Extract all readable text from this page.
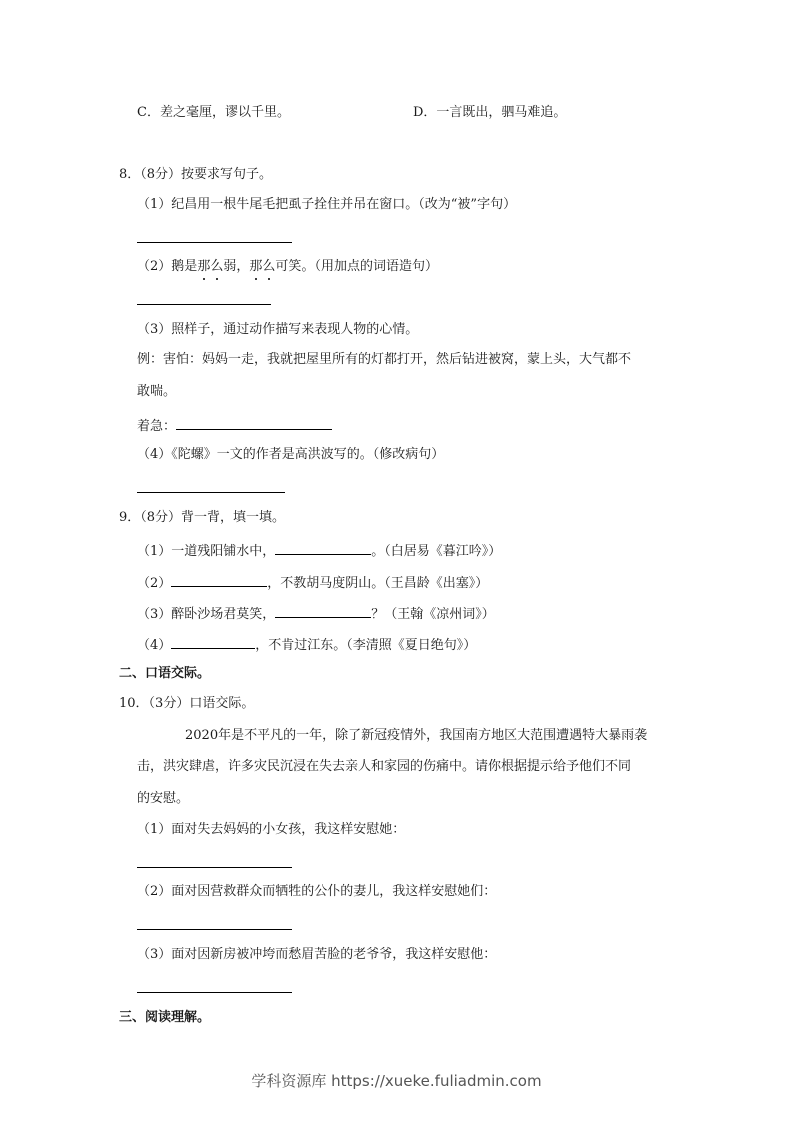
C．差之毫厘，谬以千里。	D．一言既出，驷马难追。
8．（8分）按要求写句子。
（1）纪昌用一根牛尾毛把虱子拴住并吊在窗口。（改为“被”字句）
（2）鹅是那么弱，那么可笑。（用加点的词语造句）
（3）照样子，通过动作描写来表现人物的心情。
例：害怕：妈妈一走，我就把屋里所有的灯都打开，然后钻进被窝，蒙上头，大气都不
敢喘。
着急：
（4）《陀螺》一文的作者是高洪波写的。（修改病句）
9．（8分）背一背，填一填。
（1）一道残阳铺水中，	。（白居易《暮江吟》）
（2）	，不教胡马度阴山。（王昌龄《出塞》）
（3）醉卧沙场君莫笑，	？（王翰《凉州词》）
（4）	，不肯过江东。（李清照《夏日绝句》）
二、口语交际。
10．（3分）口语交际。
2020年是不平凡的一年，除了新冠疫情外，我国南方地区大范围遭遇特大暴雨袭
击，洪灾肆虐，许多灾民沉浸在失去亲人和家园的伤痛中。请你根据提示给予他们不同
的安慰。
（1）面对失去妈妈的小女孩，我这样安慰她：
（2）面对因营救群众而牺牲的公仆的妻儿，我这样安慰她们：
（3）面对因新房被冲垮而愁眉苦脸的老爷爷，我这样安慰他：
三、阅读理解。
学科资源库 https://xueke.fuliadmin.com
